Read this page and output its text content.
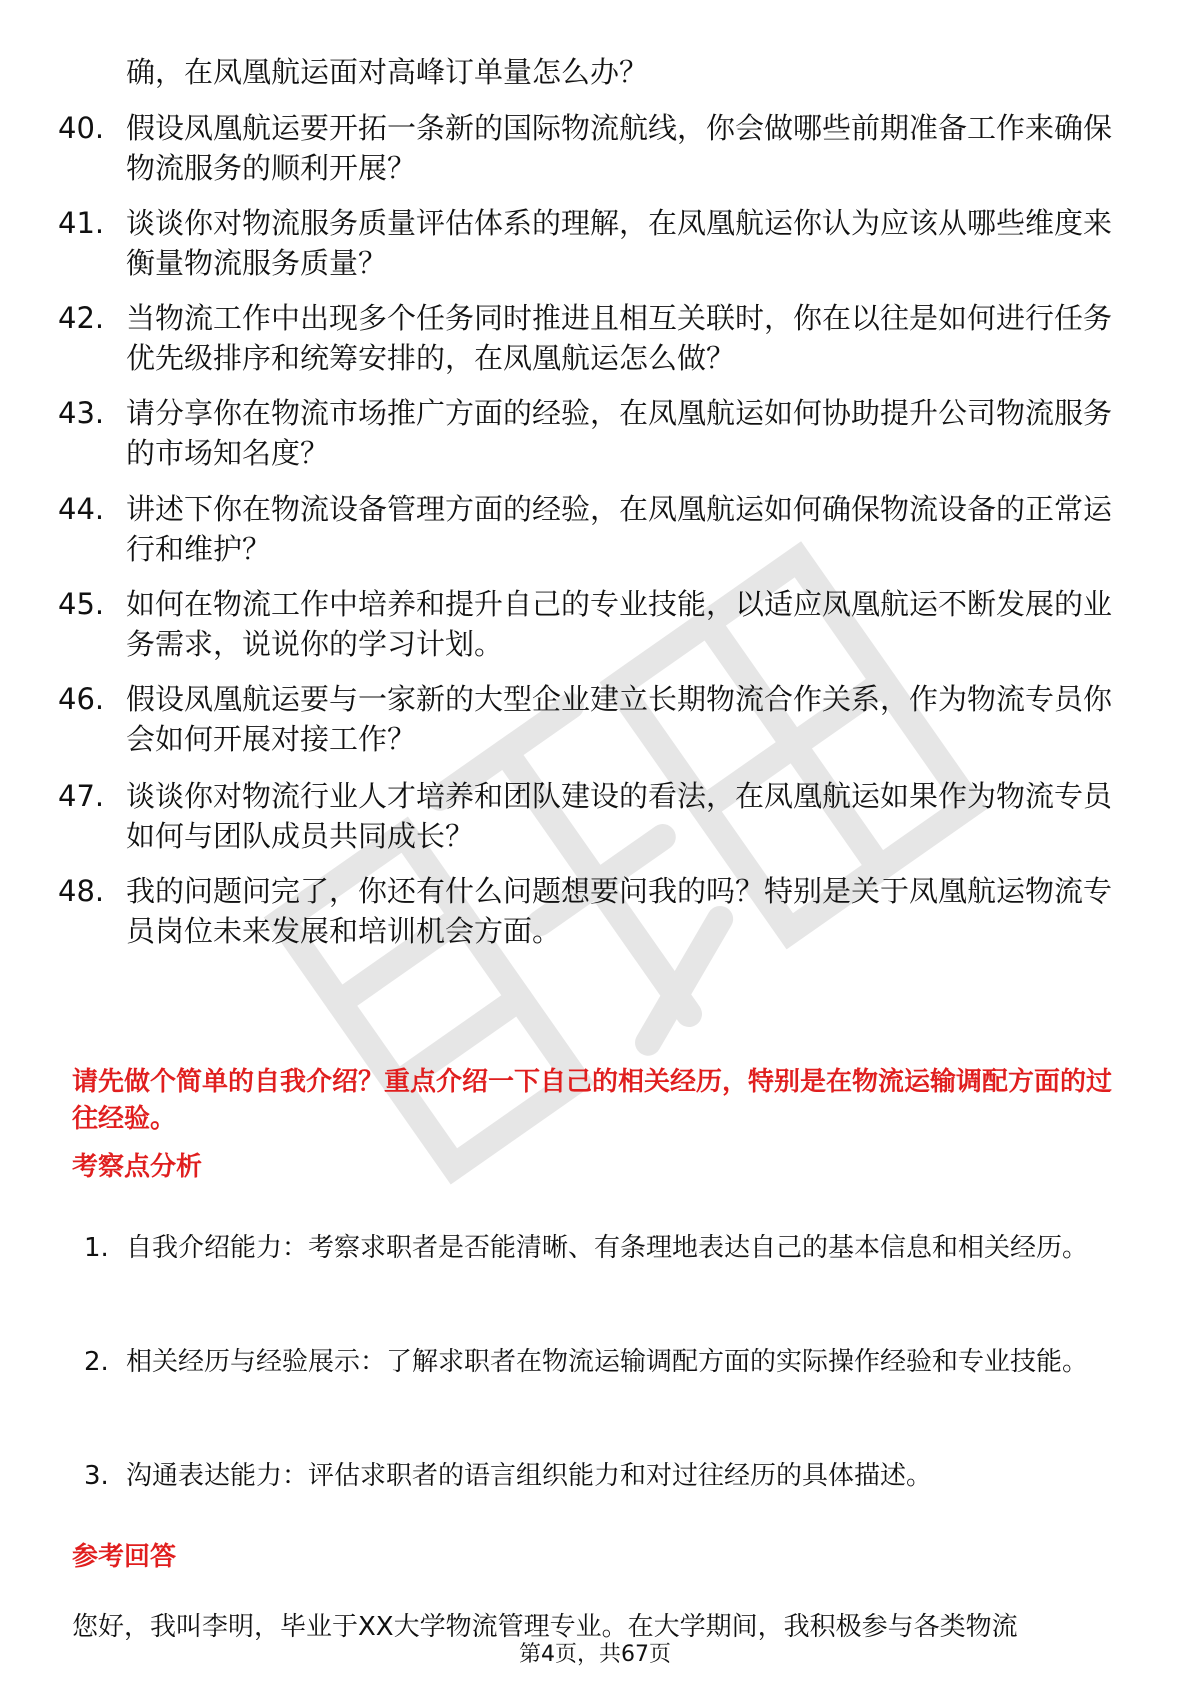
确，在凤凰航运面对高峰订单量怎么办？
40. 假设凤凰航运要开拓一条新的国际物流航线，你会做哪些前期准备工作来确保物流服务的顺利开展？
41. 谈谈你对物流服务质量评估体系的理解，在凤凰航运你认为应该从哪些维度来衡量物流服务质量？
42. 当物流工作中出现多个任务同时推进且相互关联时，你在以往是如何进行任务优先级排序和统筹安排的，在凤凰航运怎么做？
43. 请分享你在物流市场推广方面的经验，在凤凰航运如何协助提升公司物流服务的市场知名度？
44. 讲述下你在物流设备管理方面的经验，在凤凰航运如何确保物流设备的正常运行和维护？
45. 如何在物流工作中培养和提升自己的专业技能，以适应凤凰航运不断发展的业务需求，说说你的学习计划。
46. 假设凤凰航运要与一家新的大型企业建立长期物流合作关系，作为物流专员你会如何开展对接工作？
47. 谈谈你对物流行业人才培养和团队建设的看法，在凤凰航运如果作为物流专员如何与团队成员共同成长？
48. 我的问题问完了，你还有什么问题想要问我的吗？特别是关于凤凰航运物流专员岗位未来发展和培训机会方面。
请先做个简单的自我介绍？重点介绍一下自己的相关经历，特别是在物流运输调配方面的过往经验。
考察点分析
1. 自我介绍能力：考察求职者是否能清晰、有条理地表达自己的基本信息和相关经历。
2. 相关经历与经验展示：了解求职者在物流运输调配方面的实际操作经验和专业技能。
3. 沟通表达能力：评估求职者的语言组织能力和对过往经历的具体描述。
参考回答
您好，我叫李明，毕业于XX大学物流管理专业。在大学期间，我积极参与各类物流
第4页，共67页
